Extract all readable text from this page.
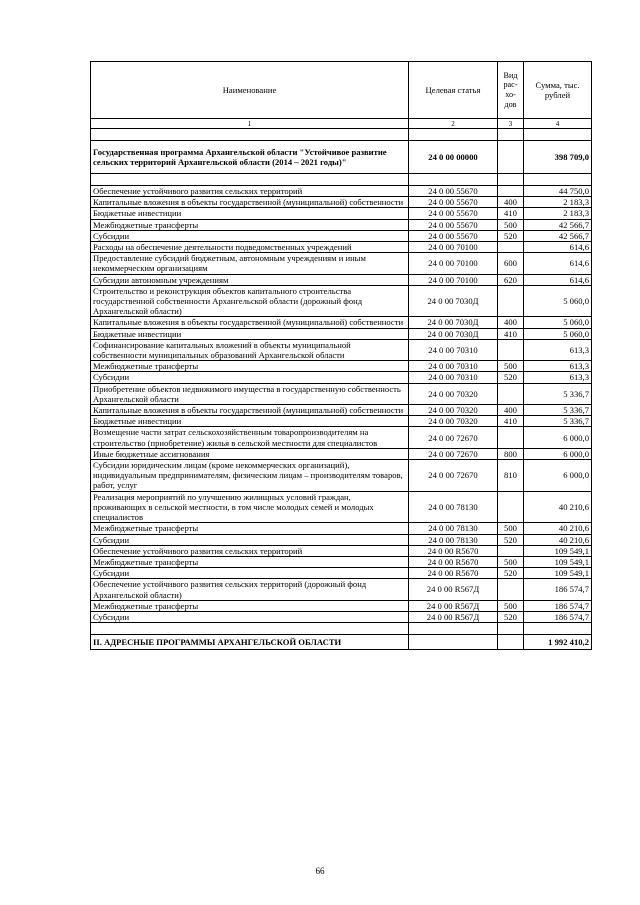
Наименование	Целевая статья	Вид рас-хо-дов	Сумма, тыс. рублей
1	2	3	4

Государственная программа Архангельской области "Устойчивое развитие сельских территорий Архангельской области (2014 – 2021 годы)"	24 0 00 00000		398 709,0

Обеспечение устойчивого развития сельских территорий	24 0 00 55670		44 750,0
Капитальные вложения в объекты государственной (муниципальной) собственности	24 0 00 55670	400	2 183,3
Бюджетные инвестиции	24 0 00 55670	410	2 183,3
Межбюджетные трансферты	24 0 00 55670	500	42 566,7
Субсидии	24 0 00 55670	520	42 566,7
Расходы на обеспечение деятельности подведомственных учреждений	24 0 00 70100		614,6
Предоставление субсидий бюджетным, автономным учреждениям и иным некоммерческим организациям	24 0 00 70100	600	614,6
Субсидии автономным учреждениям	24 0 00 70100	620	614,6
Строительство и реконструкция объектов капитального строительства государственной собственности Архангельской области (дорожный фонд Архангельской области)	24 0 00 7030Д		5 060,0
Капитальные вложения в объекты государственной (муниципальной) собственности	24 0 00 7030Д	400	5 060,0
Бюджетные инвестиции	24 0 00 7030Д	410	5 060,0
Софинансирование капитальных вложений в объекты муниципальной собственности муниципальных образований Архангельской области	24 0 00 70310		613,3
Межбюджетные трансферты	24 0 00 70310	500	613,3
Субсидии	24 0 00 70310	520	613,3
Приобретение объектов недвижимого имущества в государственную собственность Архангельской области	24 0 00 70320		5 336,7
Капитальные вложения в объекты государственной (муниципальной) собственности	24 0 00 70320	400	5 336,7
Бюджетные инвестиции	24 0 00 70320	410	5 336,7
Возмещение части затрат сельскохозяйственным товаропроизводителям на строительство (приобретение) жилья в сельской местности для специалистов	24 0 00 72670		6 000,0
Иные бюджетные ассигнования	24 0 00 72670	800	6 000,0
Субсидии юридическим лицам (кроме некоммерческих организаций), индивидуальным предпринимателям, физическим лицам – производителям товаров, работ, услуг	24 0 00 72670	810	6 000,0
Реализация мероприятий по улучшению жилищных условий граждан, проживающих в сельской местности, в том числе молодых семей и молодых специалистов	24 0 00 78130		40 210,6
Межбюджетные трансферты	24 0 00 78130	500	40 210,6
Субсидии	24 0 00 78130	520	40 210,6
Обеспечение устойчивого развития сельских территорий	24 0 00 R5670		109 549,1
Межбюджетные трансферты	24 0 00 R5670	500	109 549,1
Субсидии	24 0 00 R5670	520	109 549,1
Обеспечение устойчивого развития сельских территорий (дорожный фонд Архангельской области)	24 0 00 R567Д		186 574,7
Межбюджетные трансферты	24 0 00 R567Д	500	186 574,7
Субсидии	24 0 00 R567Д	520	186 574,7

II. АДРЕСНЫЕ ПРОГРАММЫ АРХАНГЕЛЬСКОЙ ОБЛАСТИ			1 992 410,2
66
